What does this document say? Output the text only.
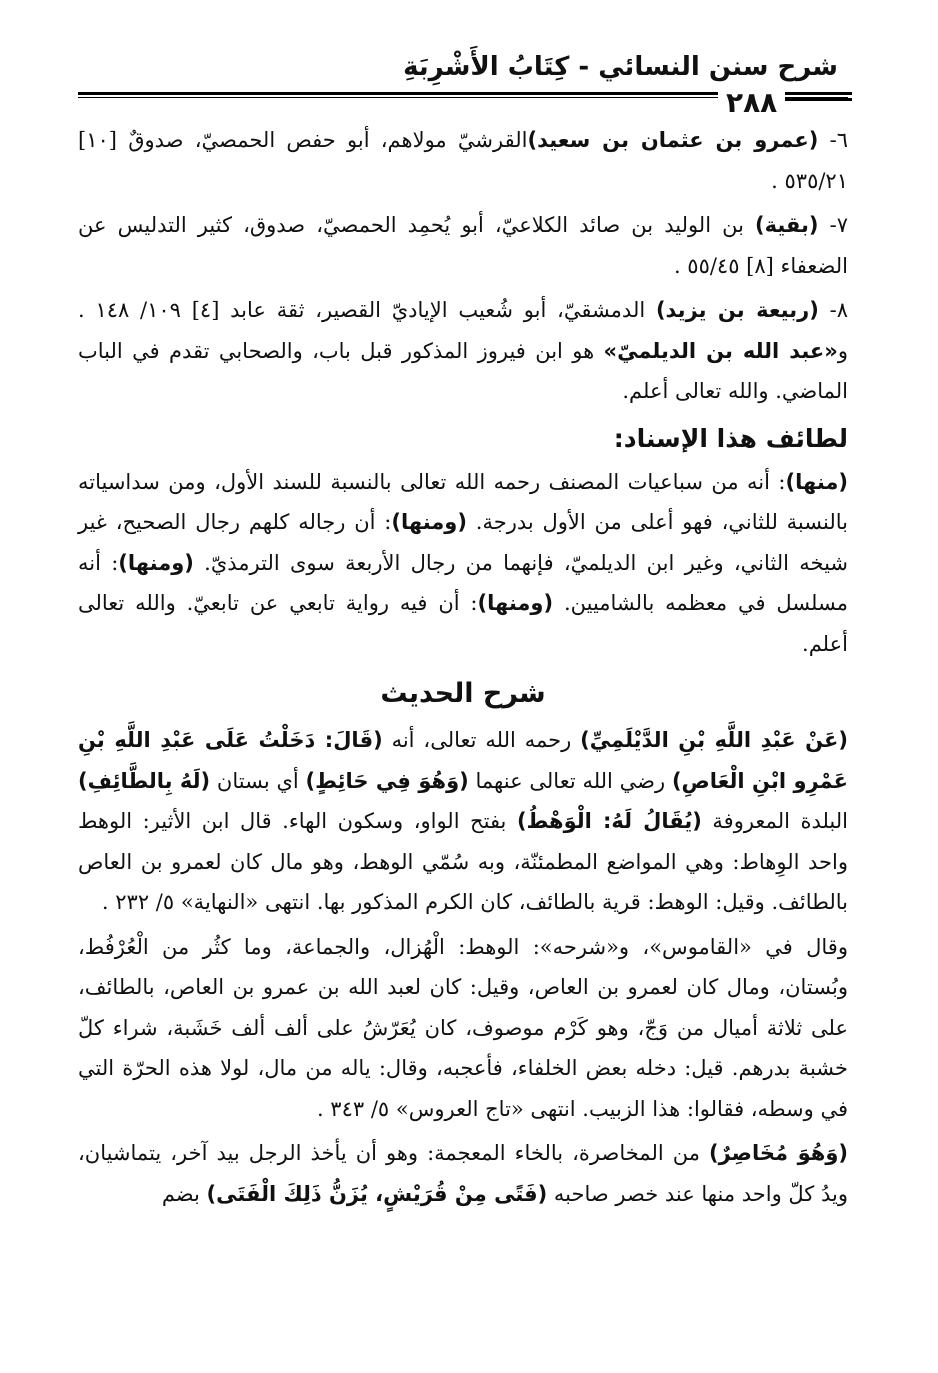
شرح سنن النسائي - كِتَابُ الأَشْرِبَةِ
٢٨٨

٦- (عمرو بن عثمان بن سعيد)القرشيّ مولاهم، أبو حفص الحمصيّ، صدوقٌ [١٠] ٥٣٥/٢١ .

٧- (بقية) بن الوليد بن صائد الكلاعيّ، أبو يُحمِد الحمصيّ، صدوق، كثير التدليس عن الضعفاء [٨] ٥٥/٤٥ .

٨- (ربيعة بن يزيد) الدمشقيّ، أبو شُعيب الإياديّ القصير، ثقة عابد [٤] ١٠٩/ ١٤٨ . و«عبد الله بن الديلميّ» هو ابن فيروز المذكور قبل باب، والصحابي تقدم في الباب الماضي. والله تعالى أعلم.

لطائف هذا الإسناد:

(منها): أنه من سباعيات المصنف رحمه الله تعالى بالنسبة للسند الأول، ومن سداسياته بالنسبة للثاني، فهو أعلى من الأول بدرجة. (ومنها): أن رجاله كلهم رجال الصحيح، غير شيخه الثاني، وغير ابن الديلميّ، فإنهما من رجال الأربعة سوى الترمذيّ. (ومنها): أنه مسلسل في معظمه بالشاميين. (ومنها): أن فيه رواية تابعي عن تابعيّ. والله تعالى أعلم.

شرح الحديث

(عَنْ عَبْدِ اللَّهِ بْنِ الدَّيْلَمِيِّ) رحمه الله تعالى، أنه (قَالَ: دَخَلْتُ عَلَى عَبْدِ اللَّهِ بْنِ عَمْرِو ابْنِ الْعَاصِ) رضي الله تعالى عنهما (وَهُوَ فِي حَائِطٍ) أي بستان (لَهُ بِالطَّائِفِ) البلدة المعروفة (يُقَالُ لَهُ: الْوَهْطُ) بفتح الواو، وسكون الهاء. قال ابن الأثير: الوهط واحد الوِهاط: وهي المواضع المطمئنّة، وبه سُمّي الوهط، وهو مال كان لعمرو بن العاص بالطائف. وقيل: الوهط: قرية بالطائف، كان الكرم المذكور بها. انتهى «النهاية» ٥/ ٢٣٢ .

وقال في «القاموس»، و«شرحه»: الوهط: الْهُزال، والجماعة، وما كثُر من الْعُرْفُط، وبُستان، ومال كان لعمرو بن العاص، وقيل: كان لعبد الله بن عمرو بن العاص، بالطائف، على ثلاثة أميال من وَجّ، وهو كَرْم موصوف، كان يُعَرّشُ على ألف ألف خَشَبة، شراء كلّ خشبة بدرهم. قيل: دخله بعض الخلفاء، فأعجبه، وقال: ياله من مال، لولا هذه الحرّة التي في وسطه، فقالوا: هذا الزبيب. انتهى «تاج العروس» ٥/ ٣٤٣ .

(وَهُوَ مُخَاصِرٌ) من المخاصرة، بالخاء المعجمة: وهو أن يأخذ الرجل بيد آخر، يتماشيان، ويدُ كلّ واحد منها عند خصر صاحبه (فَتًى مِنْ قُرَيْشٍ، يُزَنُّ ذَلِكَ الْفَتَى) بضم
